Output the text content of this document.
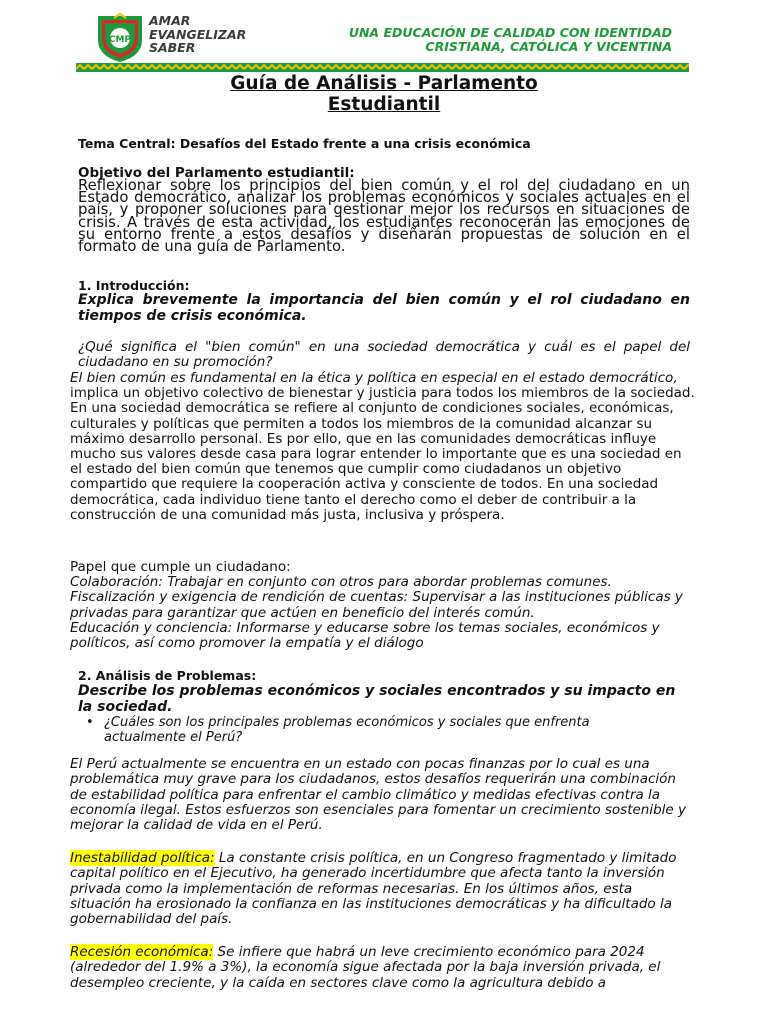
CMP
AMAR
EVANGELIZAR
SABER
UNA EDUCACIÓN DE CALIDAD CON IDENTIDAD
CRISTIANA, CATÓLICA Y VICENTINA
Guía de Análisis - Parlamento
Estudiantil
Tema Central: Desafíos del Estado frente a una crisis económica
Objetivo del Parlamento estudiantil:
Reflexionar sobre los principios del bien común y el rol del ciudadano en un Estado democrático, analizar los problemas económicos y sociales actuales en el país, y proponer soluciones para gestionar mejor los recursos en situaciones de crisis. A través de esta actividad, los estudiantes reconocerán las emociones de su entorno frente a estos desafíos y diseñarán propuestas de solución en el formato de una guía de Parlamento.
1. Introducción:
Explica brevemente la importancia del bien común y el rol ciudadano en tiempos de crisis económica.
¿Qué significa el "bien común" en una sociedad democrática y cuál es el papel del ciudadano en su promoción?
El bien común es fundamental en la ética y política en especial en el estado democrático, implica un objetivo colectivo de bienestar y justicia para todos los miembros de la sociedad. En una sociedad democrática se refiere al conjunto de condiciones sociales, económicas, culturales y políticas que permiten a todos los miembros de la comunidad alcanzar su máximo desarrollo personal. Es por ello, que en las comunidades democráticas influye mucho sus valores desde casa para lograr entender lo importante que es una sociedad en el estado del bien común que tenemos que cumplir como ciudadanos un objetivo compartido que requiere la cooperación activa y consciente de todos. En una sociedad democrática, cada individuo tiene tanto el derecho como el deber de contribuir a la construcción de una comunidad más justa, inclusiva y próspera.
Papel que cumple un ciudadano:
Colaboración: Trabajar en conjunto con otros para abordar problemas comunes.
Fiscalización y exigencia de rendición de cuentas: Supervisar a las instituciones públicas y privadas para garantizar que actúen en beneficio del interés común.
Educación y conciencia: Informarse y educarse sobre los temas sociales, económicos y políticos, así como promover la empatía y el diálogo
2. Análisis de Problemas:
Describe los problemas económicos y sociales encontrados y su impacto en la sociedad.
• ¿Cuáles son los principales problemas económicos y sociales que enfrenta actualmente el Perú?
El Perú actualmente se encuentra en un estado con pocas finanzas por lo cual es una problemática muy grave para los ciudadanos, estos desafíos requerirán una combinación de estabilidad política para enfrentar el cambio climático y medidas efectivas contra la economía ilegal. Estos esfuerzos son esenciales para fomentar un crecimiento sostenible y mejorar la calidad de vida en el Perú.
Inestabilidad política: La constante crisis política, en un Congreso fragmentado y limitado capital político en el Ejecutivo, ha generado incertidumbre que afecta tanto la inversión privada como la implementación de reformas necesarias. En los últimos años, esta situación ha erosionado la confianza en las instituciones democráticas y ha dificultado la gobernabilidad del país.
Recesión económica: Se infiere que habrá un leve crecimiento económico para 2024 (alrededor del 1.9% a 3%), la economía sigue afectada por la baja inversión privada, el desempleo creciente, y la caída en sectores clave como la agricultura debido a
